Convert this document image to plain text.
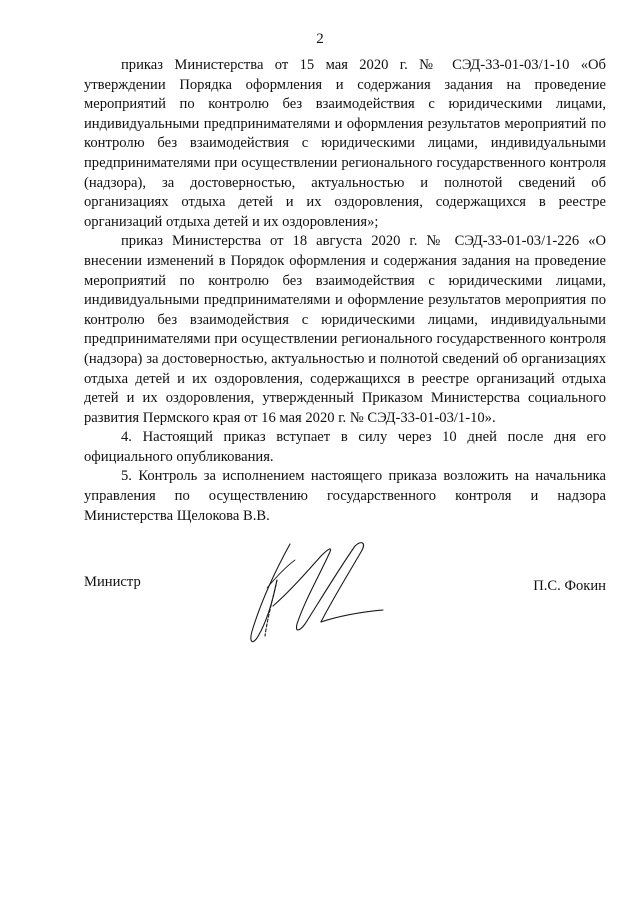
2

приказ Министерства от 15 мая 2020 г. № СЭД-33-01-03/1-10 «Об утверждении Порядка оформления и содержания задания на проведение мероприятий по контролю без взаимодействия с юридическими лицами, индивидуальными предпринимателями и оформления результатов мероприятий по контролю без взаимодействия с юридическими лицами, индивидуальными предпринимателями при осуществлении регионального государственного контроля (надзора), за достоверностью, актуальностью и полнотой сведений об организациях отдыха детей и их оздоровления, содержащихся в реестре организаций отдыха детей и их оздоровления»;

приказ Министерства от 18 августа 2020 г. № СЭД-33-01-03/1-226 «О внесении изменений в Порядок оформления и содержания задания на проведение мероприятий по контролю без взаимодействия с юридическими лицами, индивидуальными предпринимателями и оформление результатов мероприятия по контролю без взаимодействия с юридическими лицами, индивидуальными предпринимателями при осуществлении регионального государственного контроля (надзора) за достоверностью, актуальностью и полнотой сведений об организациях отдыха детей и их оздоровления, содержащихся в реестре организаций отдыха детей и их оздоровления, утвержденный Приказом Министерства социального развития Пермского края от 16 мая 2020 г. № СЭД-33-01-03/1-10».

4. Настоящий приказ вступает в силу через 10 дней после дня его официального опубликования.

5. Контроль за исполнением настоящего приказа возложить на начальника управления по осуществлению государственного контроля и надзора Министерства Щелокова В.В.

Министр	П.С. Фокин
